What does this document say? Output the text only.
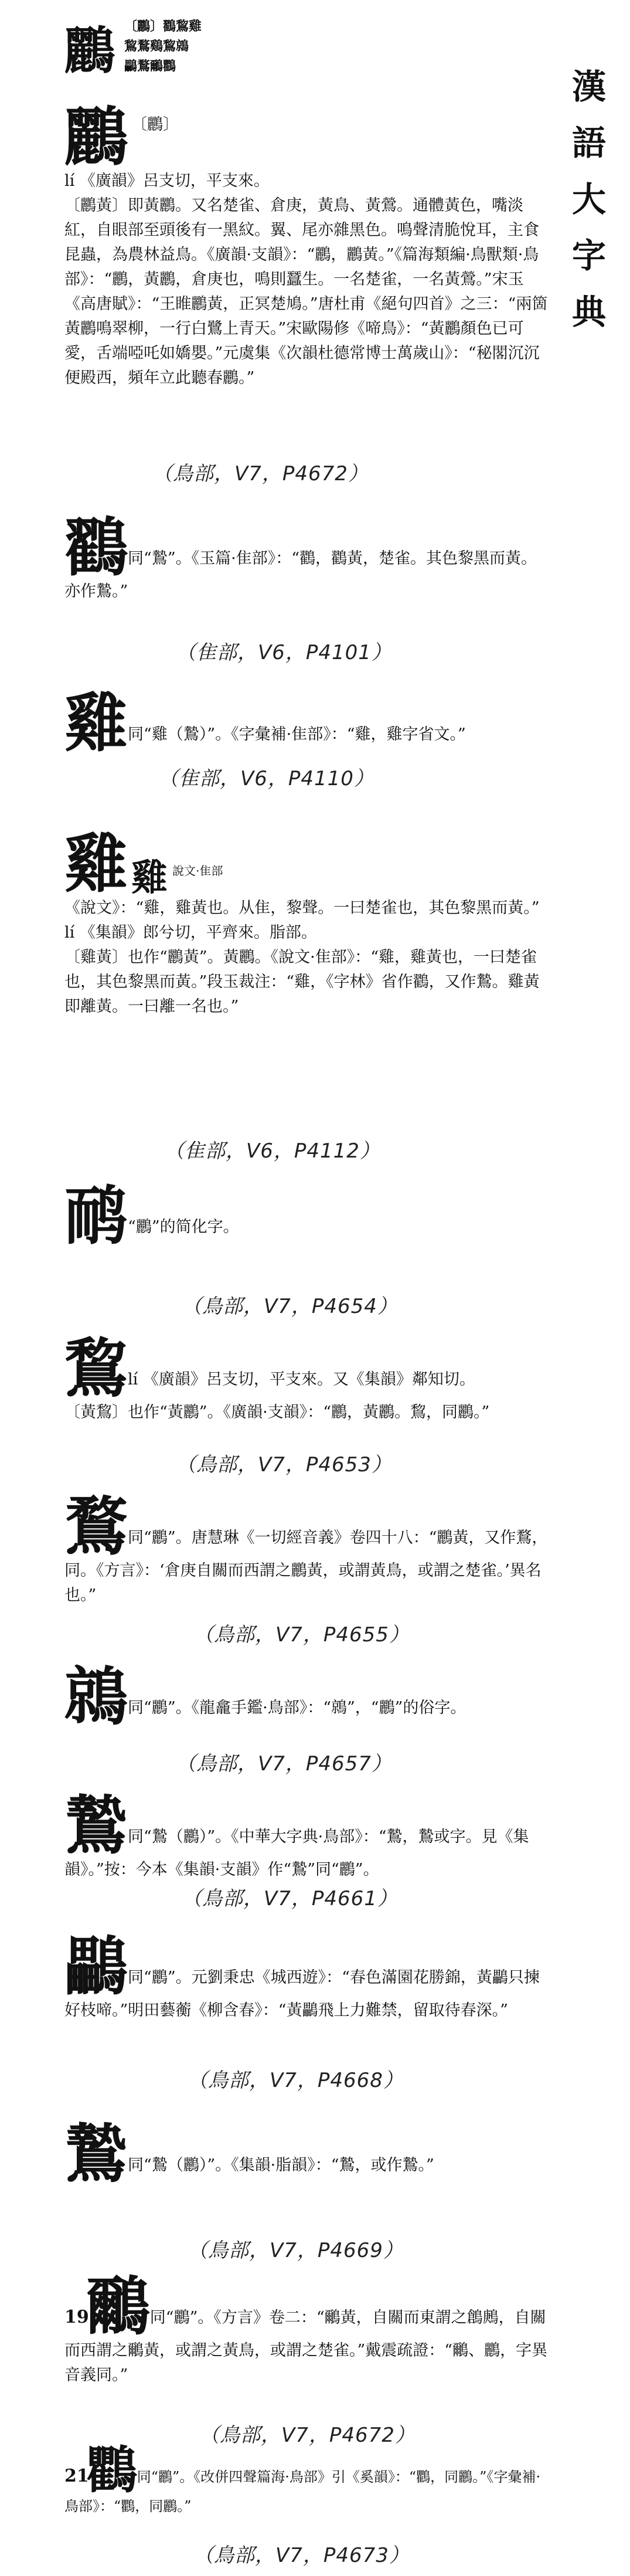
漢
語
大
字
典
鸝 〔鸝〕鸐鵹雞
鵹鶩鷄鵹鶁
鸓鶩鸍鸜
鸝 〔鸝〕

lí 《廣韻》呂支切，平支來。

〔鸝黃〕即黃鸝。又名楚雀、倉庚，黃鳥、黃鶯。通體黃色，嘴淡紅，自眼部至頭後有一黑紋。翼、尾亦雜黑色。鳴聲清脆悅耳，主食昆蟲，為農林益鳥。《廣韻·支韻》：“鸝，鸝黃。”《篇海類編·鳥獸類·鳥部》：“鸝，黃鸝，倉庚也，鳴則蠶生。一名楚雀，一名黃鶯。”宋玉《高唐賦》：“王睢鸝黃，正冥楚鳩。”唐杜甫《絕句四首》之三：“兩箇黃鸝鳴翠柳，一行白鷺上青天。”宋歐陽修《啼鳥》：“黃鸝顏色已可愛，舌端啞吒如嬌嬰。”元虞集《次韻杜德常博士萬歲山》：“秘閣沉沉便殿西，頻年立此聽春鸝。”

（鳥部，V7，P4672）
鸐同“鷙”。《玉篇·隹部》：“鸐，鸐黃，楚雀。其色黎黑而黃。亦作鷙。”
（隹部，V6，P4101）
雞同“雞（鷙）”。《字彙補·隹部》：“雞，雞字省文。”
（隹部，V6，P4110）
雞 雞 說文·隹部

《說文》：“雞，雞黃也。从隹，黎聲。一曰楚雀也，其色黎黑而黃。”

lí 《集韻》郎兮切，平齊來。脂部。

〔雞黃〕也作“鸝黃”。黃鸝。《說文·隹部》：“雞，雞黃也，一曰楚雀也，其色黎黑而黃。”段玉裁注：“雞，《字林》省作鸐，又作鷙。雞黃即離黃。一曰離一名也。”

（隹部，V6，P4112）
鸸“鸝”的简化字。
（鳥部，V7，P4654）
鵹lí 《廣韻》呂支切，平支來。又《集韻》鄰知切。

〔黃鵹〕也作“黃鸝”。《廣韻·支韻》：“鸝，黃鸝。鵹，同鸝。”

（鳥部，V7，P4653）
鶩同“鸝”。唐慧琳《一切經音義》卷四十八：“鸝黃，又作鶩，同。《方言》：‘倉庚自關而西謂之鸝黃，或謂黃鳥，或謂之楚雀。’異名也。”
（鳥部，V7，P4655）
鶁同“鸝”。《龍龕手鑑·鳥部》：“鶁”，“鸝”的俗字。
（鳥部，V7，P4657）
鷙同“鷙（鸝）”。《中華大字典·鳥部》：“鷙，鷙或字。見《集韻》。”按：今本《集韻·支韻》作“鷙”同“鸝”。
（鳥部，V7，P4661）
鸓同“鸝”。元劉秉忠《城西遊》：“春色滿園花勝錦，黃鸓只揀好枝啼。”明田藝蘅《柳含春》：“黃鸓飛上力難禁，留取待春深。”
（鳥部，V7，P4668）
鷙同“鷙（鸝）”。《集韻·脂韻》：“鷙，或作鷙。”
（鳥部，V7，P4669）
19鸍同“鸝”。《方言》卷二：“鸍黃，自關而東謂之鶬鶊，自關而西謂之鸍黃，或謂之黃鳥，或謂之楚雀。”戴震疏證：“鸍、鸝，字異音義同。”
（鳥部，V7，P4672）
21鸜同“鸝”。《改併四聲篇海·鳥部》引《奚韻》：“鸜，同鸝。”《字彙補·鳥部》：“鸜，同鸝。”
（鳥部，V7，P4673）
